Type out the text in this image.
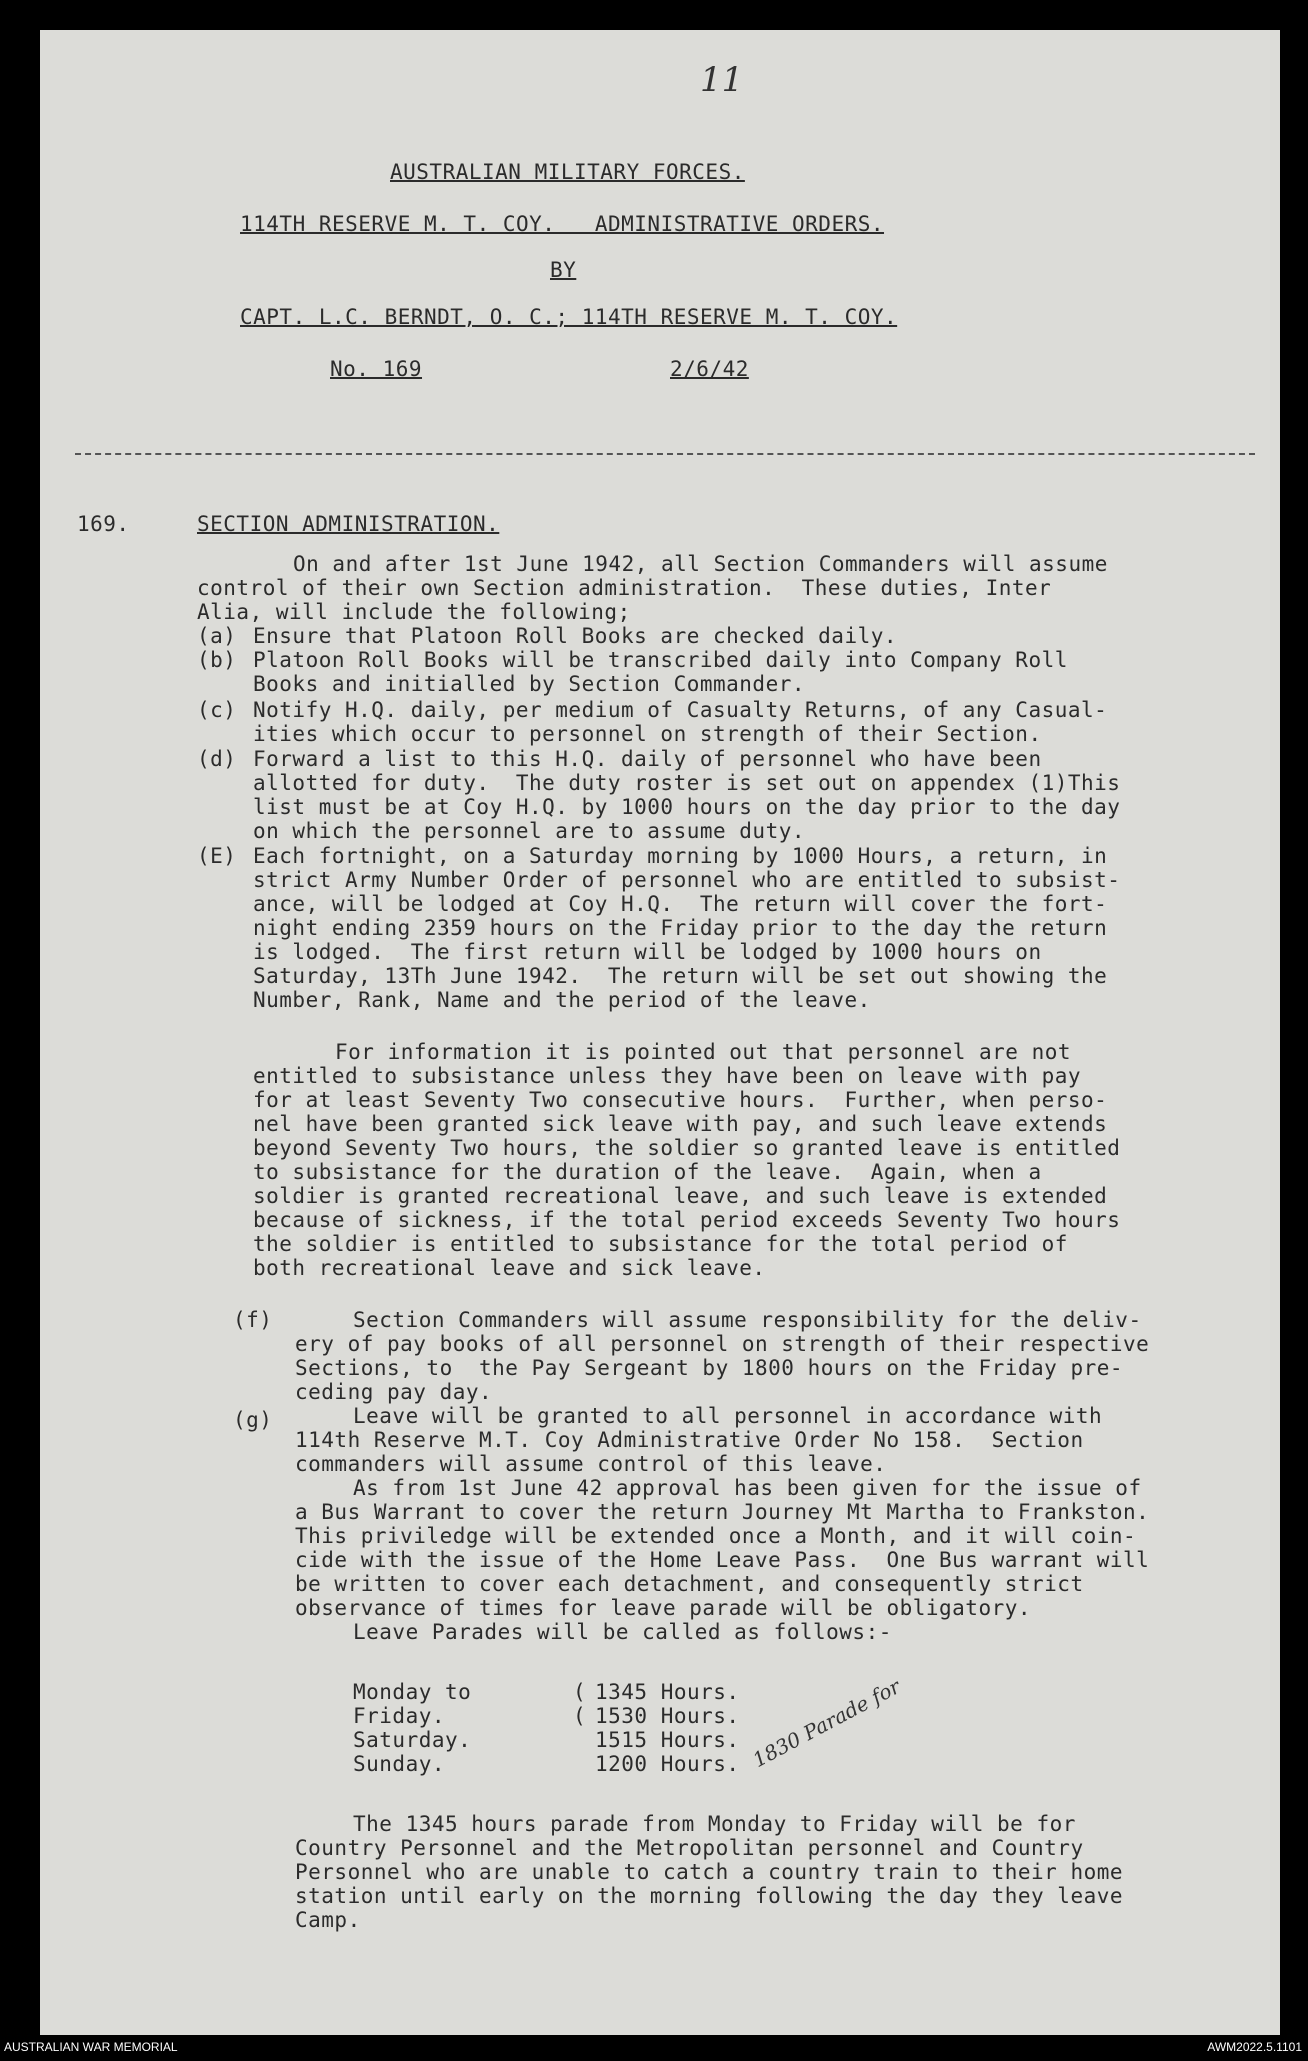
11
AUSTRALIAN MILITARY FORCES.
114TH RESERVE M. T. COY.   ADMINISTRATIVE ORDERS.
BY
CAPT. L.C. BERNDT, O. C.; 114TH RESERVE M. T. COY.
No. 169	2/6/42
169.	SECTION ADMINISTRATION.
On and after 1st June 1942, all Section Commanders will assume
control of their own Section administration.  These duties, Inter
Alia, will include the following;
(a) Ensure that Platoon Roll Books are checked daily.
(b) Platoon Roll Books will be transcribed daily into Company Roll
Books and initialled by Section Commander.
(c) Notify H.Q. daily, per medium of Casualty Returns, of any Casual-
ities which occur to personnel on strength of their Section.
(d) Forward a list to this H.Q. daily of personnel who have been
allotted for duty.  The duty roster is set out on appendex (1)This
list must be at Coy H.Q. by 1000 hours on the day prior to the day
on which the personnel are to assume duty.
(E) Each fortnight, on a Saturday morning by 1000 Hours, a return, in
strict Army Number Order of personnel who are entitled to subsist-
ance, will be lodged at Coy H.Q.  The return will cover the fort-
night ending 2359 hours on the Friday prior to the day the return
is lodged.  The first return will be lodged by 1000 hours on
Saturday, 13Th June 1942.  The return will be set out showing the
Number, Rank, Name and the period of the leave.
For information it is pointed out that personnel are not
entitled to subsistance unless they have been on leave with pay
for at least Seventy Two consecutive hours.  Further, when perso-
nel have been granted sick leave with pay, and such leave extends
beyond Seventy Two hours, the soldier so granted leave is entitled
to subsistance for the duration of the leave.  Again, when a
soldier is granted recreational leave, and such leave is extended
because of sickness, if the total period exceeds Seventy Two hours
the soldier is entitled to subsistance for the total period of
both recreational leave and sick leave.
(f)	Section Commanders will assume responsibility for the deliv-
ery of pay books of all personnel on strength of their respective
Sections, to  the Pay Sergeant by 1800 hours on the Friday pre-
ceding pay day.
(g)	Leave will be granted to all personnel in accordance with
114th Reserve M.T. Coy Administrative Order No 158.  Section
commanders will assume control of this leave.
As from 1st June 42 approval has been given for the issue of
a Bus Warrant to cover the return Journey Mt Martha to Frankston.
This priviledge will be extended once a Month, and it will coin-
cide with the issue of the Home Leave Pass.  One Bus warrant will
be written to cover each detachment, and consequently strict
observance of times for leave parade will be obligatory.
Leave Parades will be called as follows:-
Monday to	( 1345 Hours.
Friday.	( 1530 Hours.
Saturday.	1515 Hours.
Sunday.	1200 Hours. 1830 Parade for
The 1345 hours parade from Monday to Friday will be for
Country Personnel and the Metropolitan personnel and Country
Personnel who are unable to catch a country train to their home
station until early on the morning following the day they leave
Camp.
AUSTRALIAN WAR MEMORIAL	AWM2022.5.1101
